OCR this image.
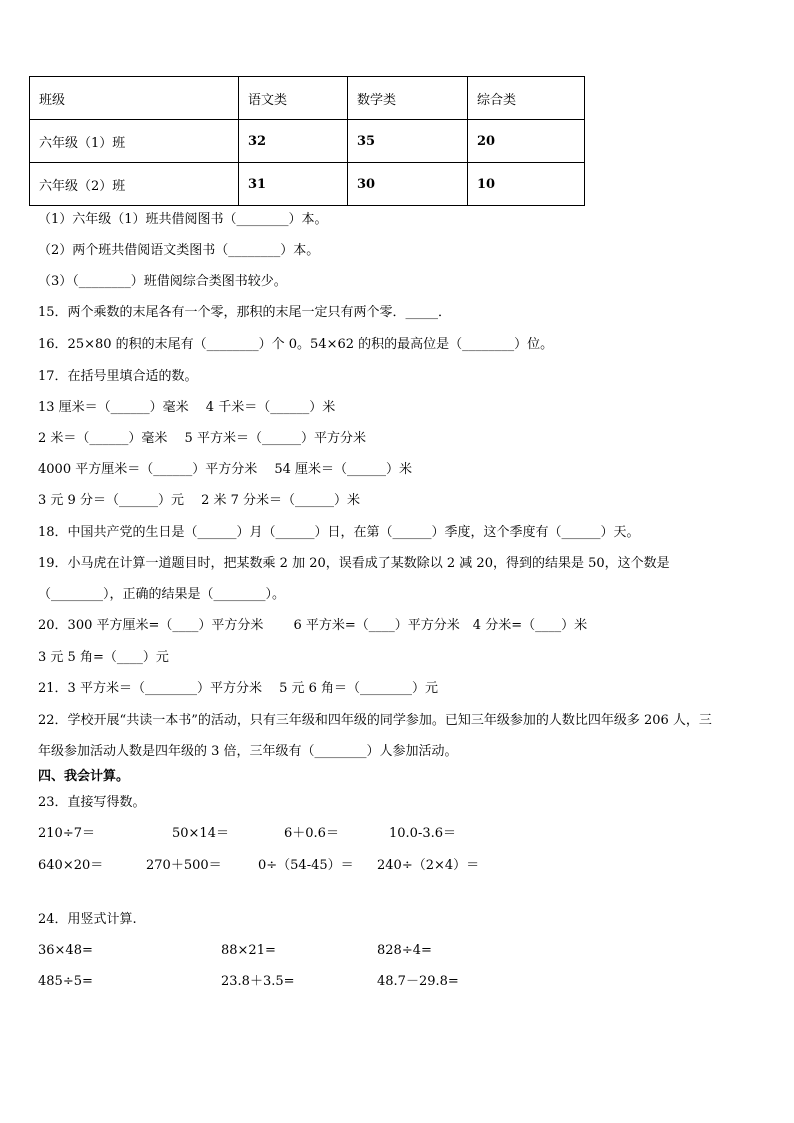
班级	语文类	数学类	综合类
六年级（1）班	32	35	20
六年级（2）班	31	30	10
（1）六年级（1）班共借阅图书（________）本。
（2）两个班共借阅语文类图书（________）本。
（3）（________）班借阅综合类图书较少。
15．两个乘数的末尾各有一个零，那积的末尾一定只有两个零．_____．
16．25×80 的积的末尾有（________）个 0。54×62 的积的最高位是（________）位。
17．在括号里填合适的数。
13 厘米＝（______）毫米　 4 千米＝（______）米
2 米＝（______）毫米　 5 平方米＝（______）平方分米
4000 平方厘米＝（______）平方分米　 54 厘米＝（______）米
3 元 9 分＝（______）元　 2 米 7 分米＝（______）米
18．中国共产党的生日是（______）月（______）日，在第（______）季度，这个季度有（______）天。
19．小马虎在计算一道题目时，把某数乘 2 加 20，误看成了某数除以 2 减 20，得到的结果是 50，这个数是
（________），正确的结果是（________）。
20．300 平方厘米=（____）平方分米　　 6 平方米=（____）平方分米　4 分米=（____）米
3 元 5 角=（____）元
21．3 平方米＝（________）平方分米　 5 元 6 角＝（________）元
22．学校开展“共读一本书”的活动，只有三年级和四年级的同学参加。已知三年级参加的人数比四年级多 206 人，三
年级参加活动人数是四年级的 3 倍，三年级有（________）人参加活动。
四、我会计算。
23．直接写得数。
210÷7＝	50×14＝	6＋0.6＝	10.0-3.6＝
640×20＝	270＋500＝	0÷（54-45）＝ 240÷（2×4）＝
24．用竖式计算.
36×48=	88×21=	828÷4=
485÷5=	23.8＋3.5=	48.7－29.8=
